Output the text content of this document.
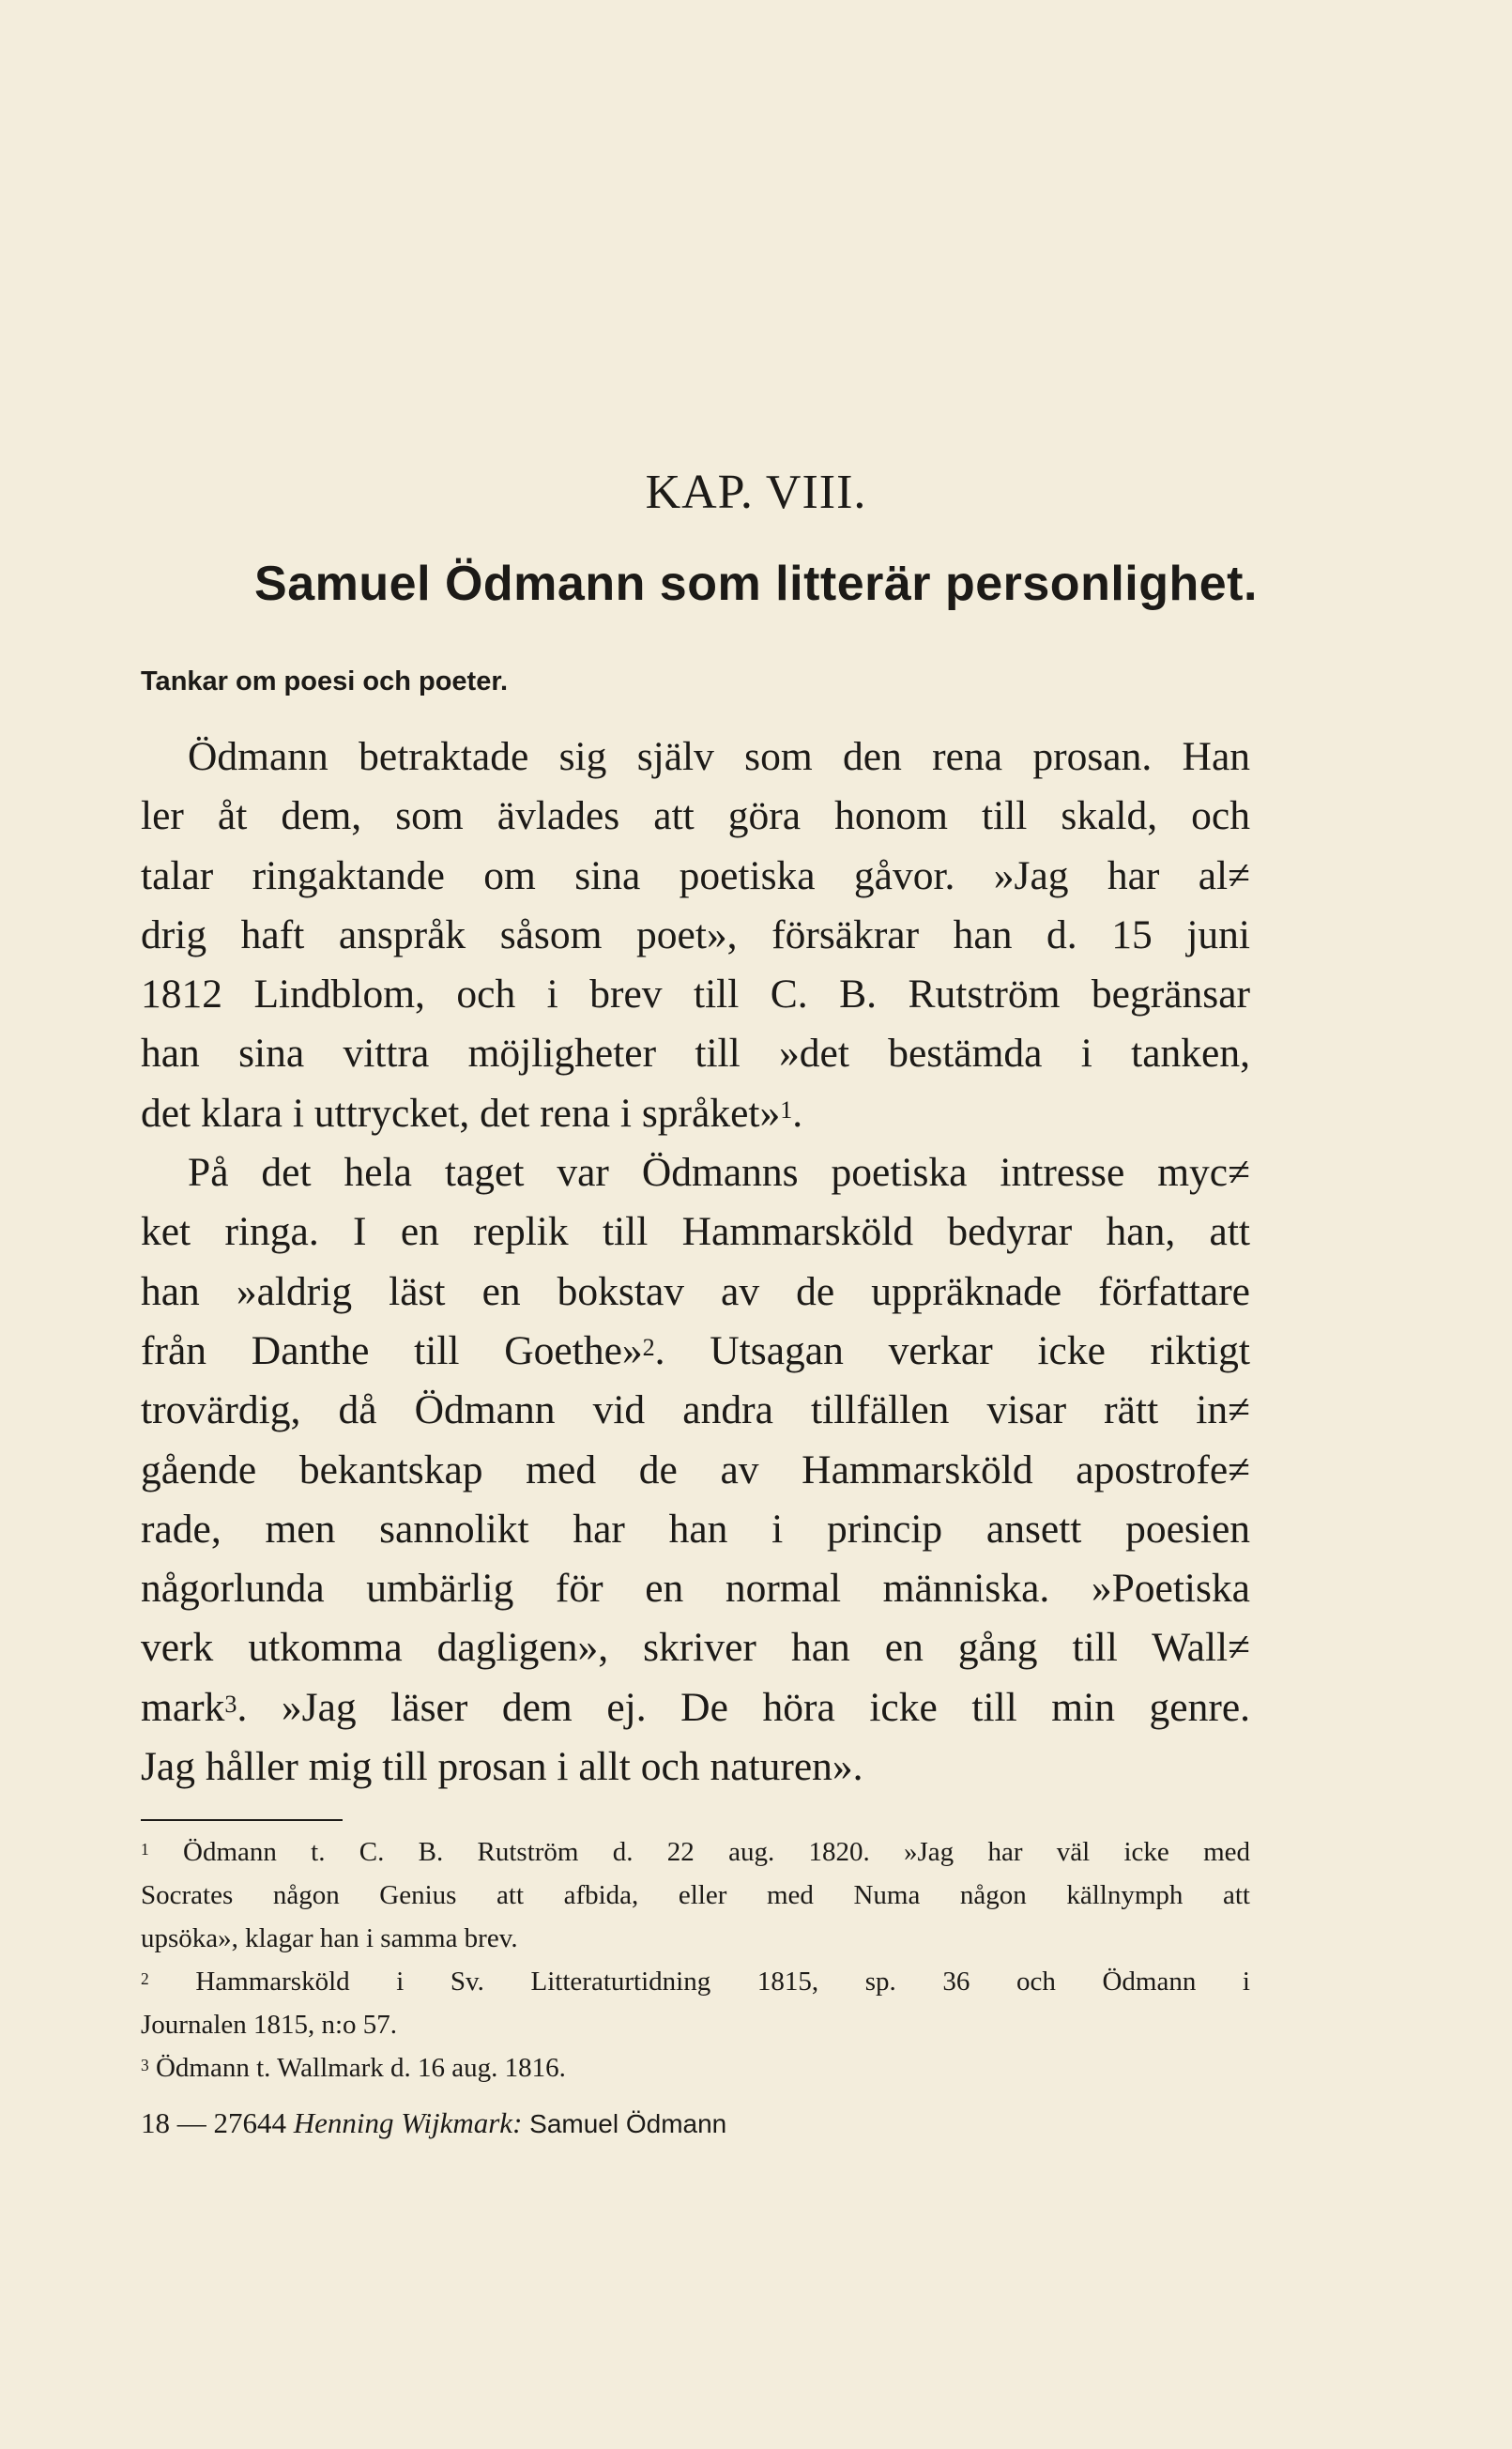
KAP. VIII.
Samuel Ödmann som litterär personlighet.
Tankar om poesi och poeter.
Ödmann betraktade sig själv som den rena prosan. Han
ler åt dem, som ävlades att göra honom till skald, och
talar ringaktande om sina poetiska gåvor. »Jag har al≠
drig haft anspråk såsom poet», försäkrar han d. 15 juni
1812 Lindblom, och i brev till C. B. Rutström begränsar
han sina vittra möjligheter till »det bestämda i tanken,
det klara i uttrycket, det rena i språket»$^1$.
På det hela taget var Ödmanns poetiska intresse myc≠
ket ringa. I en replik till Hammarsköld bedyrar han, att
han »aldrig läst en bokstav av de uppräknade författare
från Danthe till Goethe»$^2$. Utsagan verkar icke riktigt
trovärdig, då Ödmann vid andra tillfällen visar rätt in≠
gående bekantskap med de av Hammarsköld apostrofe≠
rade, men sannolikt har han i princip ansett poesien
någorlunda umbärlig för en normal människa. »Poetiska
verk utkomma dagligen», skriver han en gång till Wall≠
mark$^3$. »Jag läser dem ej. De höra icke till min genre.
Jag håller mig till prosan i allt och naturen».
$^1$ Ödmann t. C. B. Rutström d. 22 aug. 1820. »Jag har väl icke med
Socrates någon Genius att afbida, eller med Numa någon källnymph att
upsöka», klagar han i samma brev.
$^2$ Hammarsköld i Sv. Litteraturtidning 1815, sp. 36 och Ödmann i
Journalen 1815, n:o 57.
$^3$ Ödmann t. Wallmark d. 16 aug. 1816.
18 — 27644 Henning Wijkmark: Samuel Ödmann
